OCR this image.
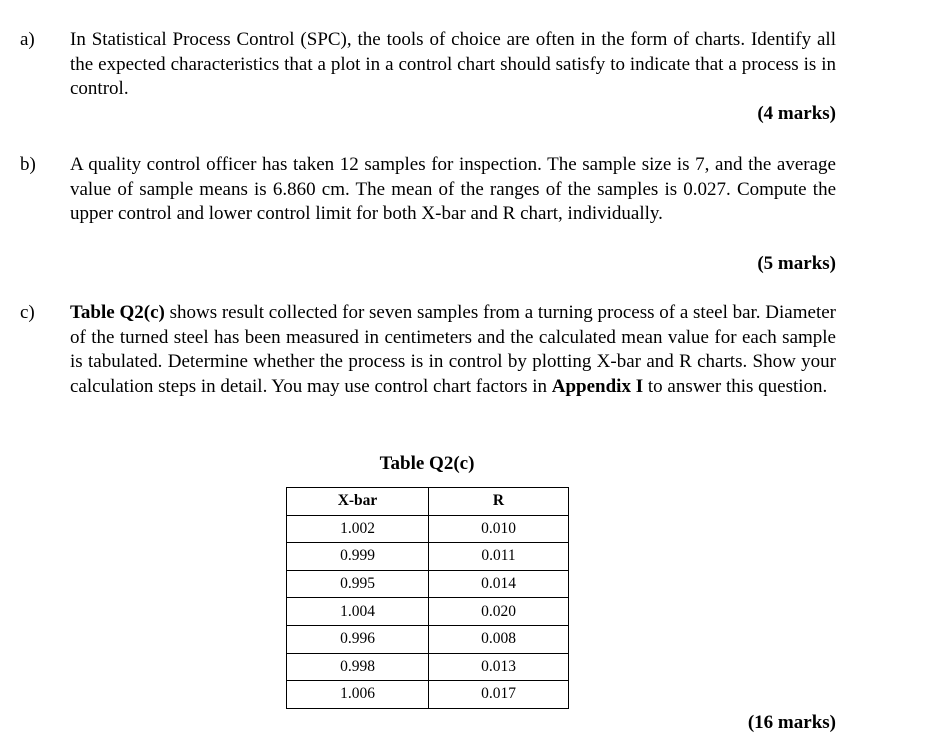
a) In Statistical Process Control (SPC), the tools of choice are often in the form of charts. Identify all the expected characteristics that a plot in a control chart should satisfy to indicate that a process is in control.
(4 marks)
b) A quality control officer has taken 12 samples for inspection. The sample size is 7, and the average value of sample means is 6.860 cm. The mean of the ranges of the samples is 0.027. Compute the upper control and lower control limit for both X-bar and R chart, individually.
(5 marks)
c) Table Q2(c) shows result collected for seven samples from a turning process of a steel bar. Diameter of the turned steel has been measured in centimeters and the calculated mean value for each sample is tabulated. Determine whether the process is in control by plotting X-bar and R charts. Show your calculation steps in detail. You may use control chart factors in Appendix I to answer this question.
Table Q2(c)
X-bar	R
1.002	0.010
0.999	0.011
0.995	0.014
1.004	0.020
0.996	0.008
0.998	0.013
1.006	0.017
(16 marks)
